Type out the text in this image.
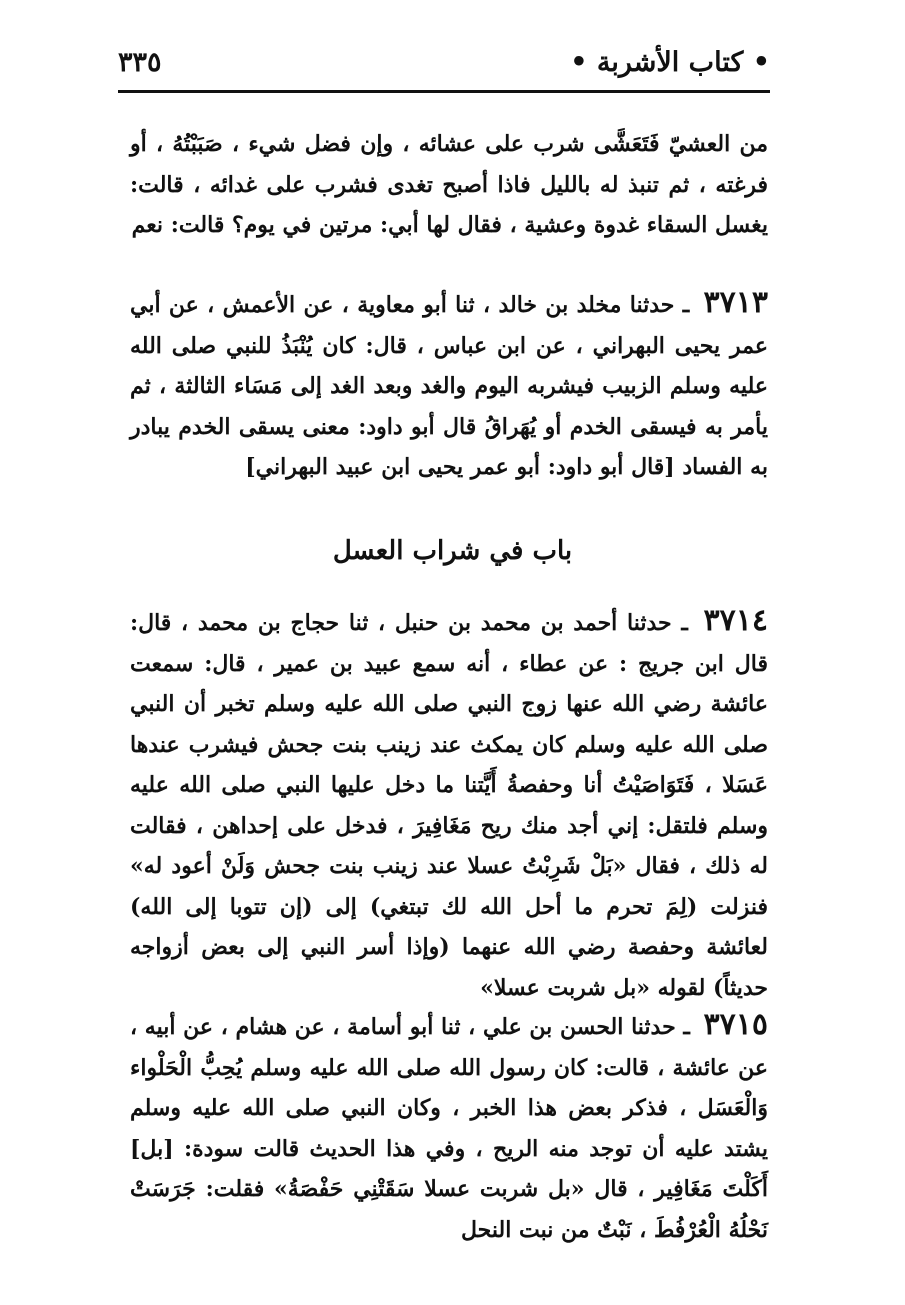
• كتاب الأشربة •
٣٣٥

من العشيّ فَتَعَشَّى شرب على عشائه ، وإن فضل شيء ، صَبَبْتُهُ ، أو فرغته ، ثم تنبذ له بالليل فاذا أصبح تغدى فشرب على غدائه ، قالت: يغسل السقاء غدوة وعشية ، فقال لها أبي: مرتين في يوم؟ قالت: نعم

٣٧١٣ ـ حدثنا مخلد بن خالد ، ثنا أبو معاوية ، عن الأعمش ، عن أبي عمر يحيى البهراني ، عن ابن عباس ، قال: كان يُنْبَذُ للنبي صلى الله عليه وسلم الزبيب فيشربه اليوم والغد وبعد الغد إلى مَسَاء الثالثة ، ثم يأمر به فيسقى الخدم أو يُهَراقُ قال أبو داود: معنى يسقى الخدم يبادر به الفساد [قال أبو داود: أبو عمر يحيى ابن عبيد البهراني]

باب في شراب العسل

٣٧١٤ ـ حدثنا أحمد بن محمد بن حنبل ، ثنا حجاج بن محمد ، قال: قال ابن جريج : عن عطاء ، أنه سمع عبيد بن عمير ، قال: سمعت عائشة رضي الله عنها زوج النبي صلى الله عليه وسلم تخبر أن النبي صلى الله عليه وسلم كان يمكث عند زينب بنت جحش فيشرب عندها عَسَلا ، فَتَوَاصَيْتُ أنا وحفصةُ أَيَّتنا ما دخل عليها النبي صلى الله عليه وسلم فلتقل: إني أجد منك ريح مَغَافِيرَ ، فدخل على إحداهن ، فقالت له ذلك ، فقال «بَلْ شَرِبْتُ عسلا عند زينب بنت جحش وَلَنْ أعود له» فنزلت (لِمَ تحرم ما أحل الله لك تبتغي) إلى (إن تتوبا إلى الله) لعائشة وحفصة رضي الله عنهما (وإذا أسر النبي إلى بعض أزواجه حديثاً) لقوله «بل شربت عسلا»

٣٧١٥ ـ حدثنا الحسن بن علي ، ثنا أبو أسامة ، عن هشام ، عن أبيه ، عن عائشة ، قالت: كان رسول الله صلى الله عليه وسلم يُحِبُّ الْحَلْواء وَالْعَسَل ، فذكر بعض هذا الخبر ، وكان النبي صلى الله عليه وسلم يشتد عليه أن توجد منه الريح ، وفي هذا الحديث قالت سودة: [بل] أَكَلْتَ مَغَافِير ، قال «بل شربت عسلا سَقَتْنِي حَفْصَةُ» فقلت: جَرَسَتْ نَحْلُهُ الْعُرْفُطَ ، نَبْتٌ من نبت النحل
